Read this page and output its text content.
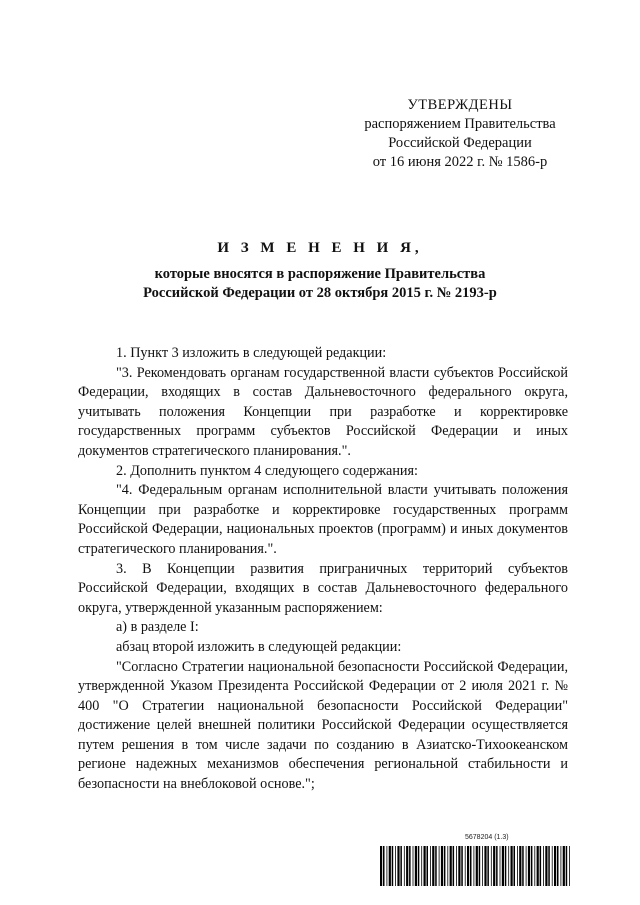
УТВЕРЖДЕНЫ
распоряжением Правительства
Российской Федерации
от 16 июня 2022 г. № 1586-р
И З М Е Н Е Н И Я,
которые вносятся в распоряжение Правительства
Российской Федерации от 28 октября 2015 г. № 2193-р

1. Пункт 3 изложить в следующей редакции:

"3. Рекомендовать органам государственной власти субъектов Российской Федерации, входящих в состав Дальневосточного федерального округа, учитывать положения Концепции при разработке и корректировке государственных программ субъектов Российской Федерации и иных документов стратегического планирования.".

2. Дополнить пунктом 4 следующего содержания:

"4. Федеральным органам исполнительной власти учитывать положения Концепции при разработке и корректировке государственных программ Российской Федерации, национальных проектов (программ) и иных документов стратегического планирования.".

3. В Концепции развития приграничных территорий субъектов Российской Федерации, входящих в состав Дальневосточного федерального округа, утвержденной указанным распоряжением:

а) в разделе I:

абзац второй изложить в следующей редакции:

"Согласно Стратегии национальной безопасности Российской Федерации, утвержденной Указом Президента Российской Федерации от 2 июля 2021 г. № 400 "О Стратегии национальной безопасности Российской Федерации" достижение целей внешней политики Российской Федерации осуществляется путем решения в том числе задачи по созданию в Азиатско-Тихоокеанском регионе надежных механизмов обеспечения региональной стабильности и безопасности на внеблоковой основе.";

5678204 (1.3)
